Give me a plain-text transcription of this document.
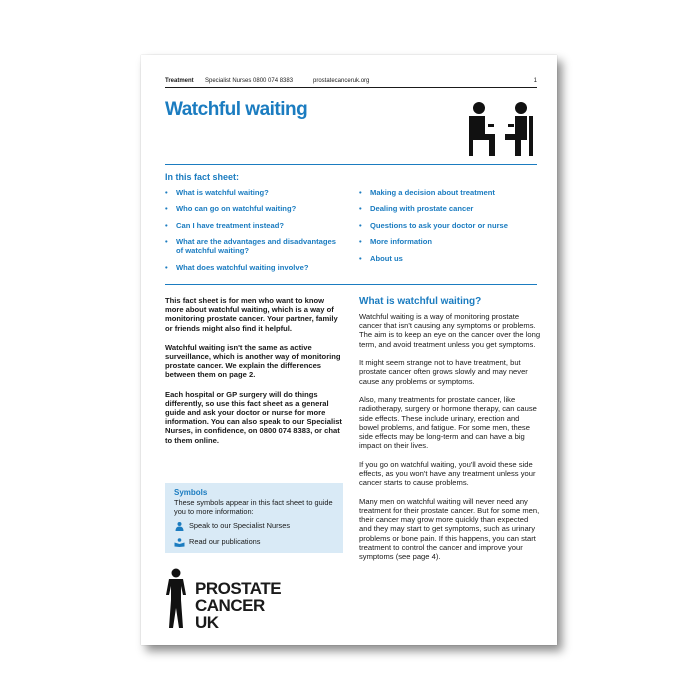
Treatment Specialist Nurses 0800 074 8383	prostatecanceruk.org	1
Watchful waiting
In this fact sheet:
• What is watchful waiting?
• Who can go on watchful waiting?
• Can I have treatment instead?
• What are the advantages and disadvantages of watchful waiting?
• What does watchful waiting involve?
• Making a decision about treatment
• Dealing with prostate cancer
• Questions to ask your doctor or nurse
• More information
• About us

This fact sheet is for men who want to know more about watchful waiting, which is a way of monitoring prostate cancer. Your partner, family or friends might also find it helpful.

Watchful waiting isn't the same as active surveillance, which is another way of monitoring prostate cancer. We explain the differences between them on page 2.

Each hospital or GP surgery will do things differently, so use this fact sheet as a general guide and ask your doctor or nurse for more information. You can also speak to our Specialist Nurses, in confidence, on 0800 074 8383, or chat to them online.

Symbols
These symbols appear in this fact sheet to guide you to more information:
Speak to our Specialist Nurses
Read our publications
PROSTATE
CANCER UK
What is watchful waiting?

Watchful waiting is a way of monitoring prostate cancer that isn't causing any symptoms or problems. The aim is to keep an eye on the cancer over the long term, and avoid treatment unless you get symptoms.

It might seem strange not to have treatment, but prostate cancer often grows slowly and may never cause any problems or symptoms.

Also, many treatments for prostate cancer, like radiotherapy, surgery or hormone therapy, can cause side effects. These include urinary, erection and bowel problems, and fatigue. For some men, these side effects may be long-term and can have a big impact on their lives.

If you go on watchful waiting, you'll avoid these side effects, as you won't have any treatment unless your cancer starts to cause problems.

Many men on watchful waiting will never need any treatment for their prostate cancer. But for some men, their cancer may grow more quickly than expected and they may start to get symptoms, such as urinary problems or bone pain. If this happens, you can start treatment to control the cancer and improve your symptoms (see page 4).
